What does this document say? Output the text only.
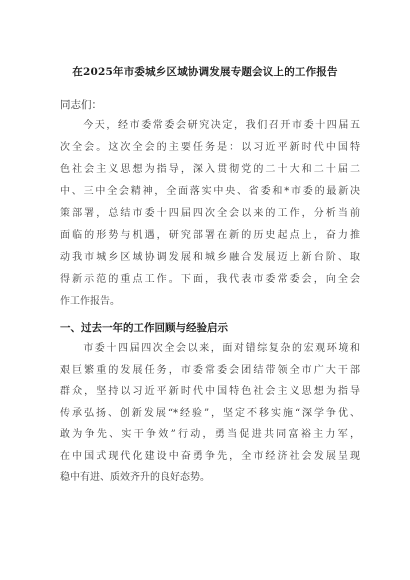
在2025年市委城乡区域协调发展专题会议上的工作报告
同志们：
　　今天，经市委常委会研究决定，我们召开市委十四届五
次全会。这次全会的主要任务是：以习近平新时代中国特
色社会主义思想为指导，深入贯彻党的二十大和二十届二
中、三中全会精神，全面落实中央、省委和*市委的最新决
策部署，总结市委十四届四次全会以来的工作，分析当前
面临的形势与机遇，研究部署在新的历史起点上，奋力推
动我市城乡区域协调发展和城乡融合发展迈上新台阶、取
得新示范的重点工作。下面，我代表市委常委会，向全会
作工作报告。
一、过去一年的工作回顾与经验启示
　　市委十四届四次全会以来，面对错综复杂的宏观环境和
艰巨繁重的发展任务，市委常委会团结带领全市广大干部
群众，坚持以习近平新时代中国特色社会主义思想为指导
传承弘扬、创新发展“*经验”，坚定不移实施“深学争优、
敢为争先、实干争效”行动，勇当促进共同富裕主力军，
在中国式现代化建设中奋勇争先，全市经济社会发展呈现
稳中有进、质效齐升的良好态势。
